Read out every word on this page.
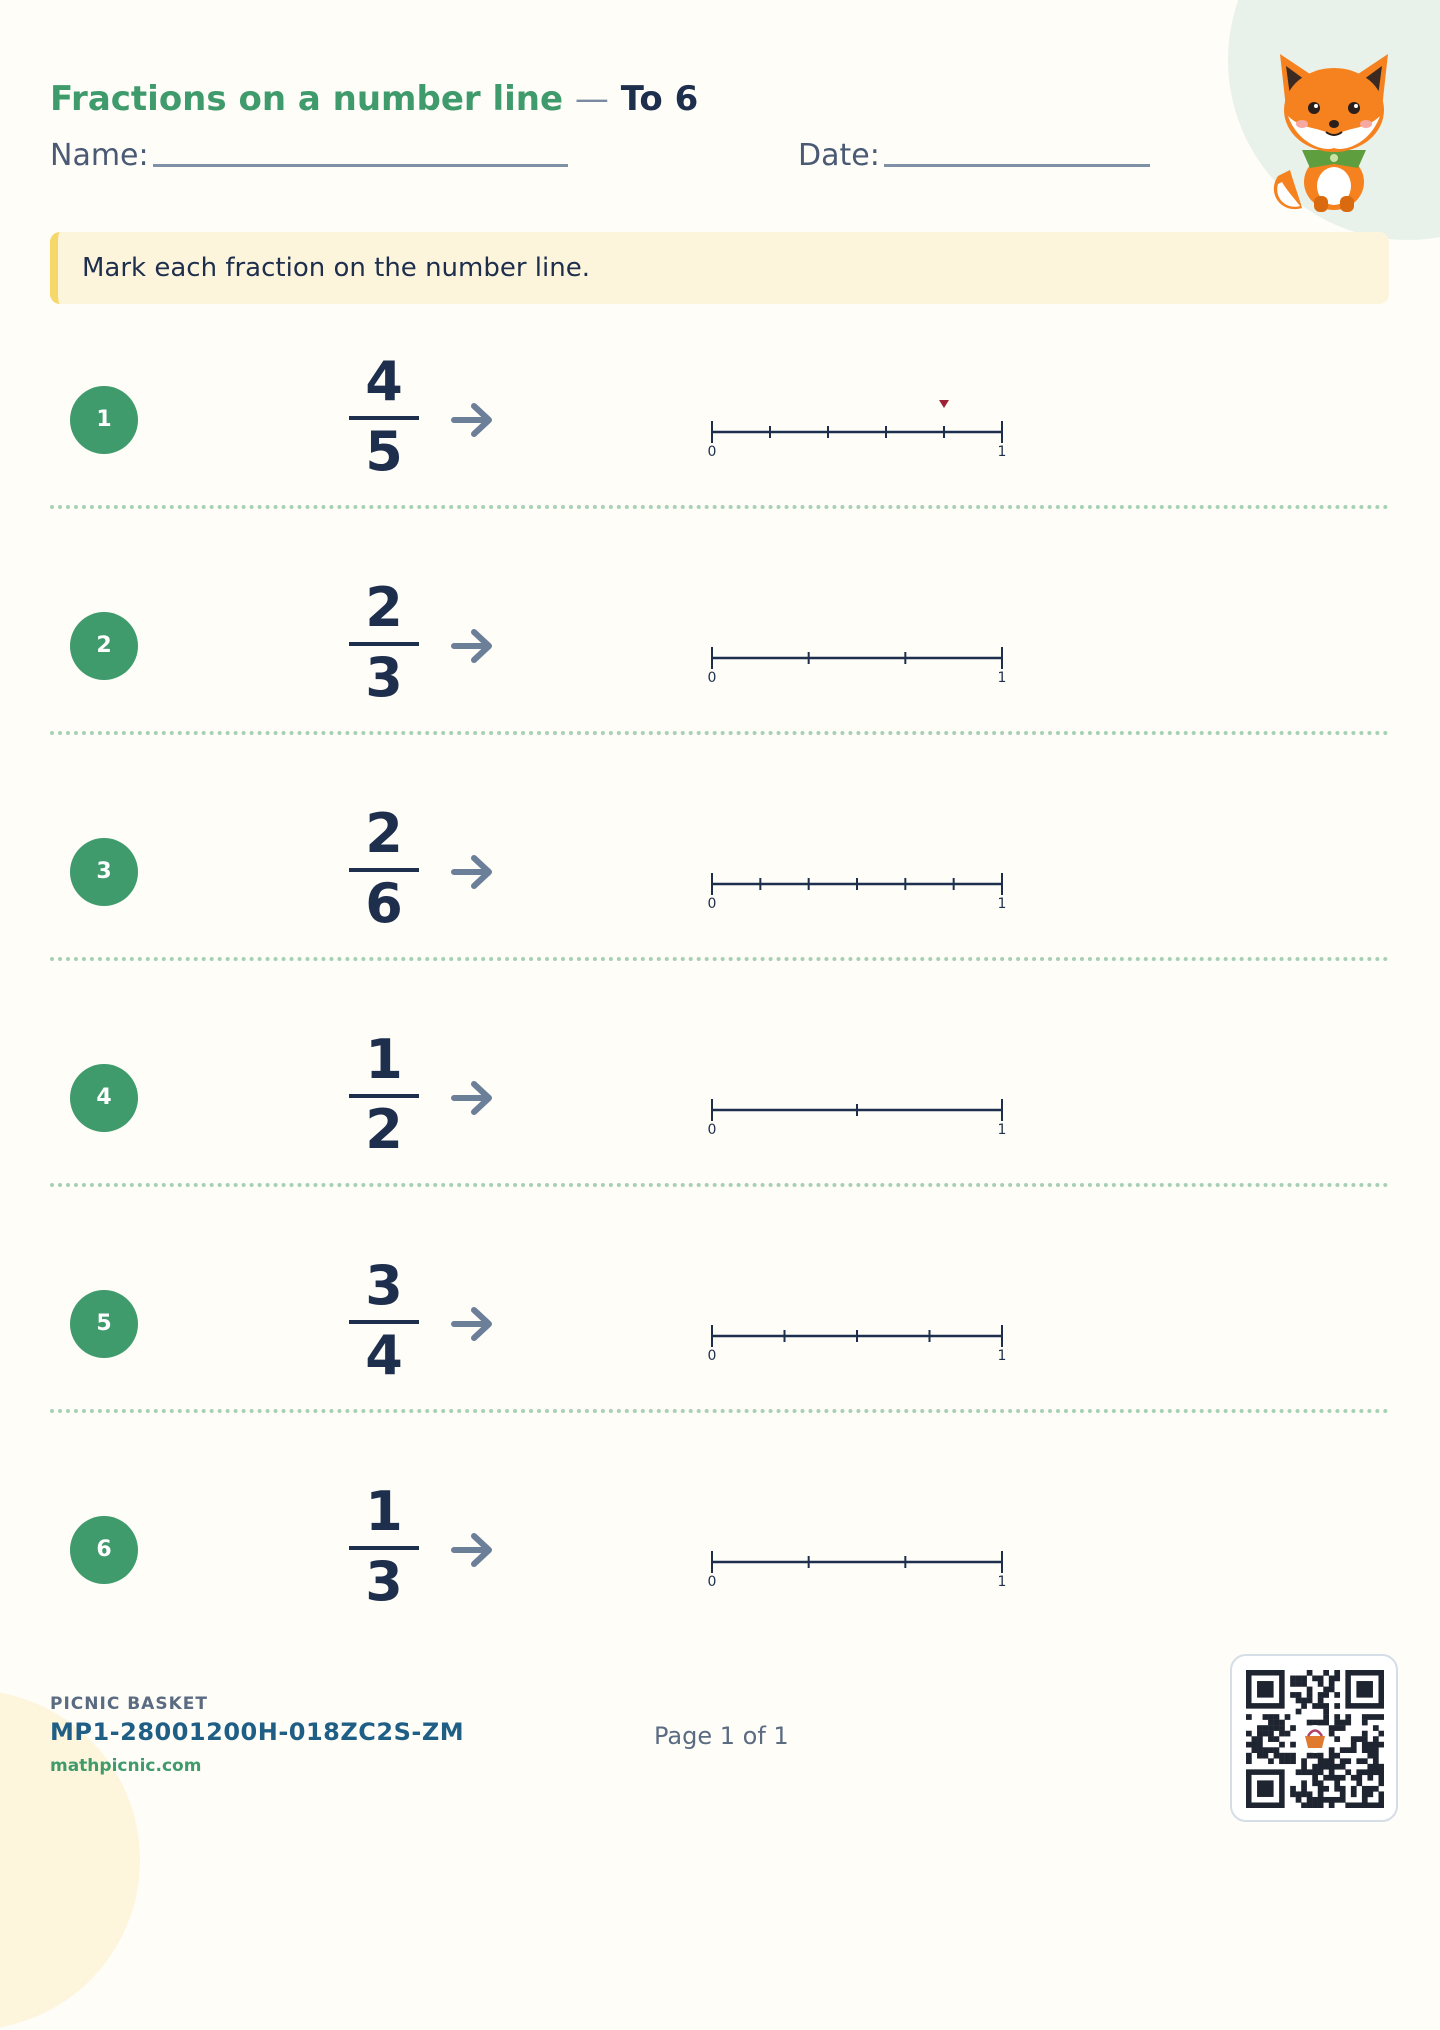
Fractions on a number line — To 6
Name:	Date:
Mark each fraction on the number line.
1
4
5	0	1
2
2
3	0	1
3
2
6	0	1
4
1
2	0	1
5
3
4	0	1
6
1
3	0	1
PICNIC BASKET
MP1-28001200H-018ZC2S-ZM
mathpicnic.com
Page 1 of 1
